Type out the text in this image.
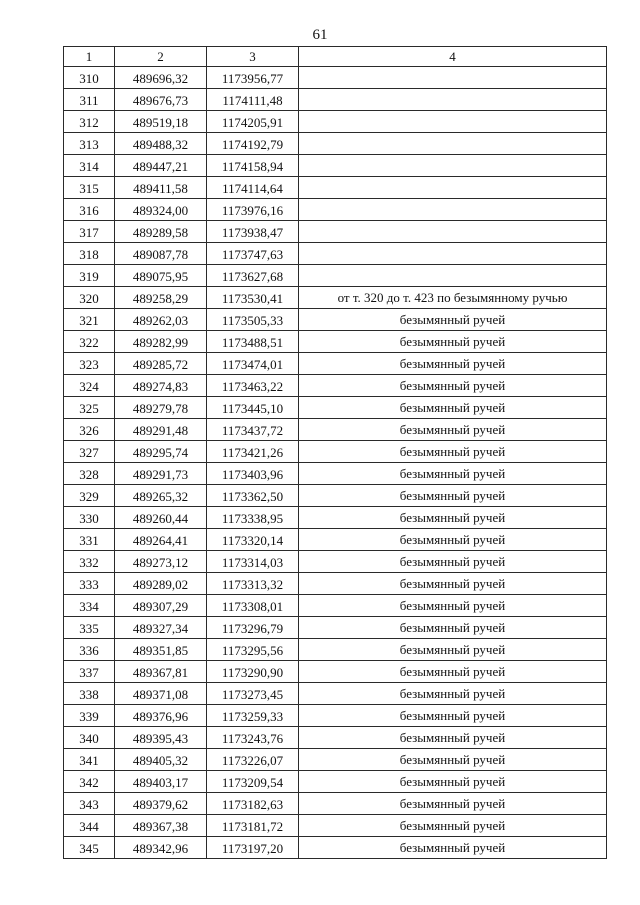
61
1	2	3	4
310	489696,32	1173956,77	
311	489676,73	1174111,48	
312	489519,18	1174205,91	
313	489488,32	1174192,79	
314	489447,21	1174158,94	
315	489411,58	1174114,64	
316	489324,00	1173976,16	
317	489289,58	1173938,47	
318	489087,78	1173747,63	
319	489075,95	1173627,68	
320	489258,29	1173530,41	от т. 320 до т. 423 по безымянному ручью
321	489262,03	1173505,33	безымянный ручей
322	489282,99	1173488,51	безымянный ручей
323	489285,72	1173474,01	безымянный ручей
324	489274,83	1173463,22	безымянный ручей
325	489279,78	1173445,10	безымянный ручей
326	489291,48	1173437,72	безымянный ручей
327	489295,74	1173421,26	безымянный ручей
328	489291,73	1173403,96	безымянный ручей
329	489265,32	1173362,50	безымянный ручей
330	489260,44	1173338,95	безымянный ручей
331	489264,41	1173320,14	безымянный ручей
332	489273,12	1173314,03	безымянный ручей
333	489289,02	1173313,32	безымянный ручей
334	489307,29	1173308,01	безымянный ручей
335	489327,34	1173296,79	безымянный ручей
336	489351,85	1173295,56	безымянный ручей
337	489367,81	1173290,90	безымянный ручей
338	489371,08	1173273,45	безымянный ручей
339	489376,96	1173259,33	безымянный ручей
340	489395,43	1173243,76	безымянный ручей
341	489405,32	1173226,07	безымянный ручей
342	489403,17	1173209,54	безымянный ручей
343	489379,62	1173182,63	безымянный ручей
344	489367,38	1173181,72	безымянный ручей
345	489342,96	1173197,20	безымянный ручей
